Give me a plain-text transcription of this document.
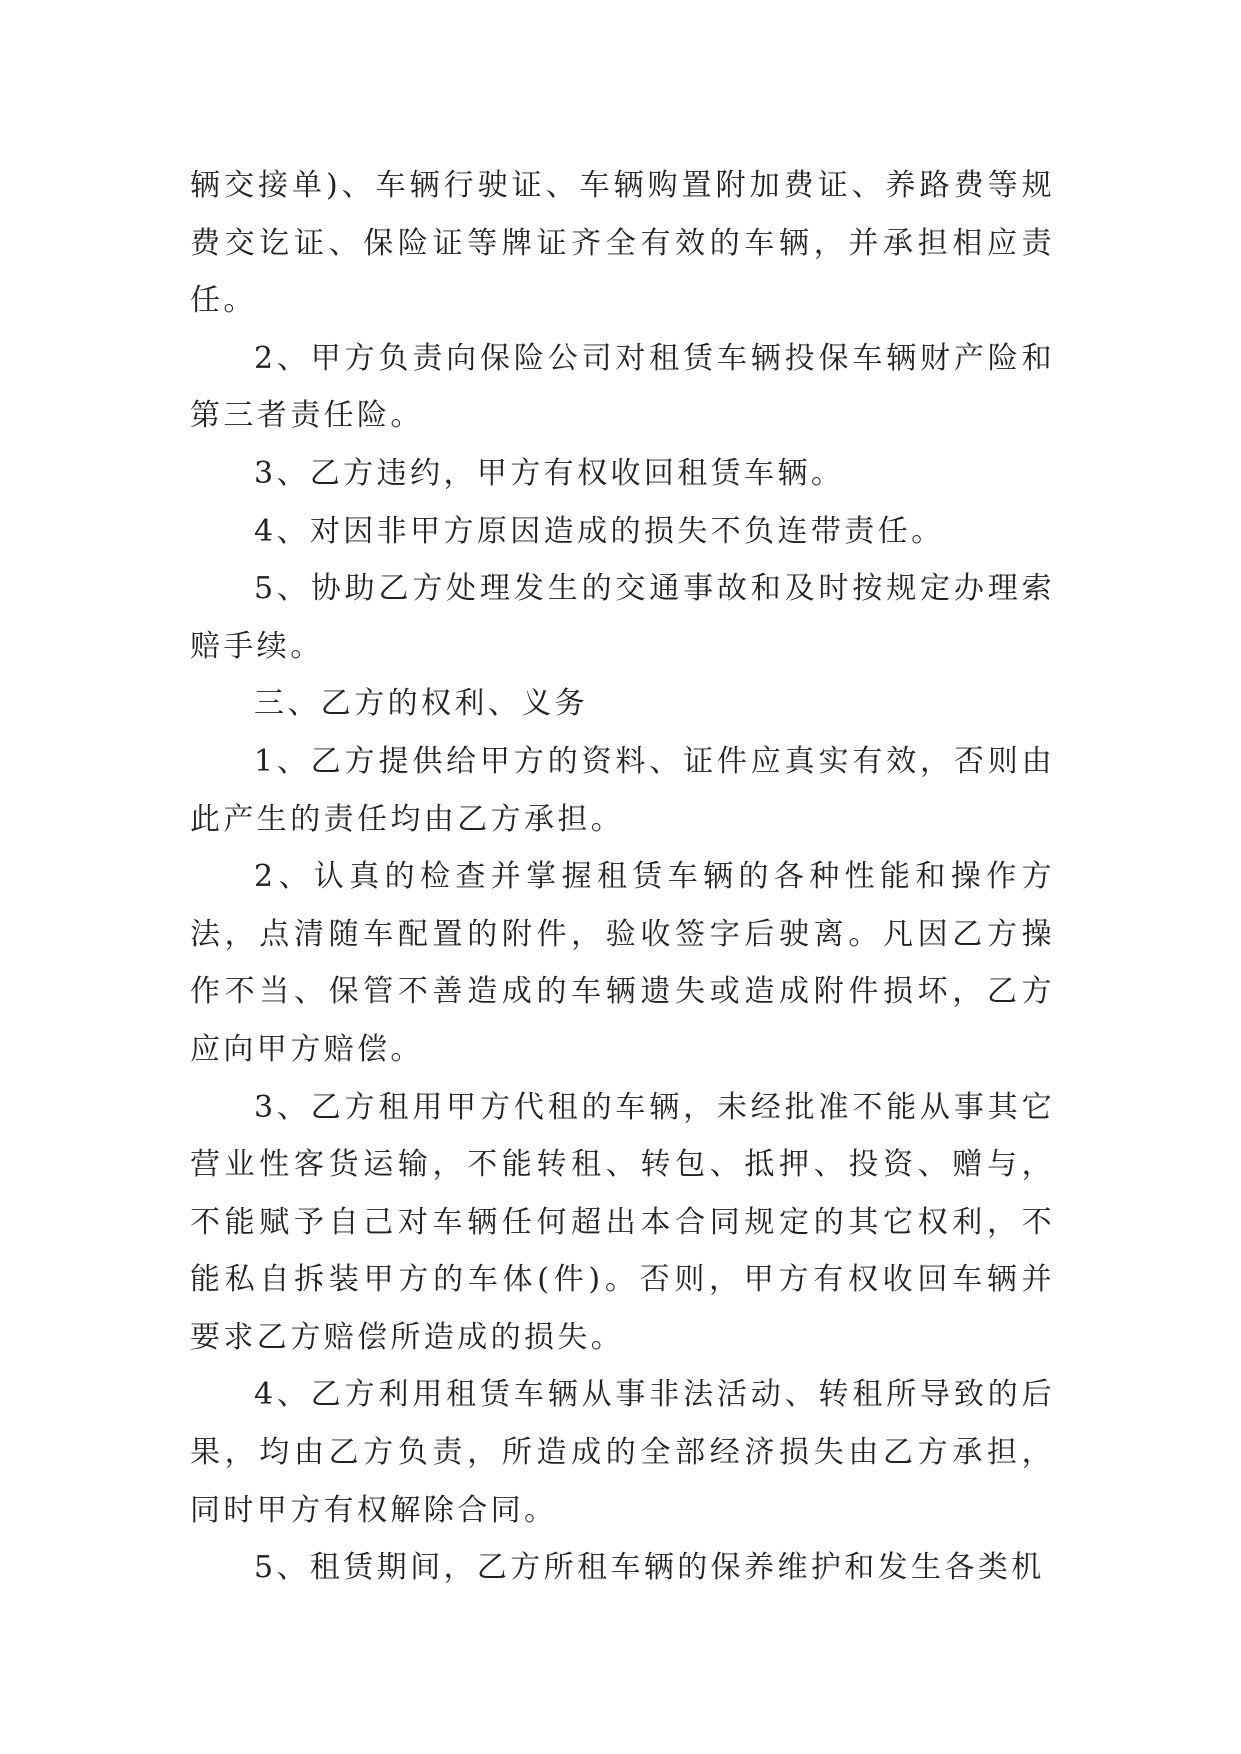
辆交接单)、车辆行驶证、车辆购置附加费证、养路费等规费交讫证、保险证等牌证齐全有效的车辆，并承担相应责任。

2、甲方负责向保险公司对租赁车辆投保车辆财产险和第三者责任险。

3、乙方违约，甲方有权收回租赁车辆。

4、对因非甲方原因造成的损失不负连带责任。

5、协助乙方处理发生的交通事故和及时按规定办理索赔手续。

三、乙方的权利、义务

1、乙方提供给甲方的资料、证件应真实有效，否则由此产生的责任均由乙方承担。

2、认真的检查并掌握租赁车辆的各种性能和操作方法，点清随车配置的附件，验收签字后驶离。凡因乙方操作不当、保管不善造成的车辆遗失或造成附件损坏，乙方应向甲方赔偿。

3、乙方租用甲方代租的车辆，未经批准不能从事其它营业性客货运输，不能转租、转包、抵押、投资、赠与，不能赋予自己对车辆任何超出本合同规定的其它权利，不能私自拆装甲方的车体(件)。否则，甲方有权收回车辆并要求乙方赔偿所造成的损失。

4、乙方利用租赁车辆从事非法活动、转租所导致的后果，均由乙方负责，所造成的全部经济损失由乙方承担，同时甲方有权解除合同。

5、租赁期间，乙方所租车辆的保养维护和发生各类机
